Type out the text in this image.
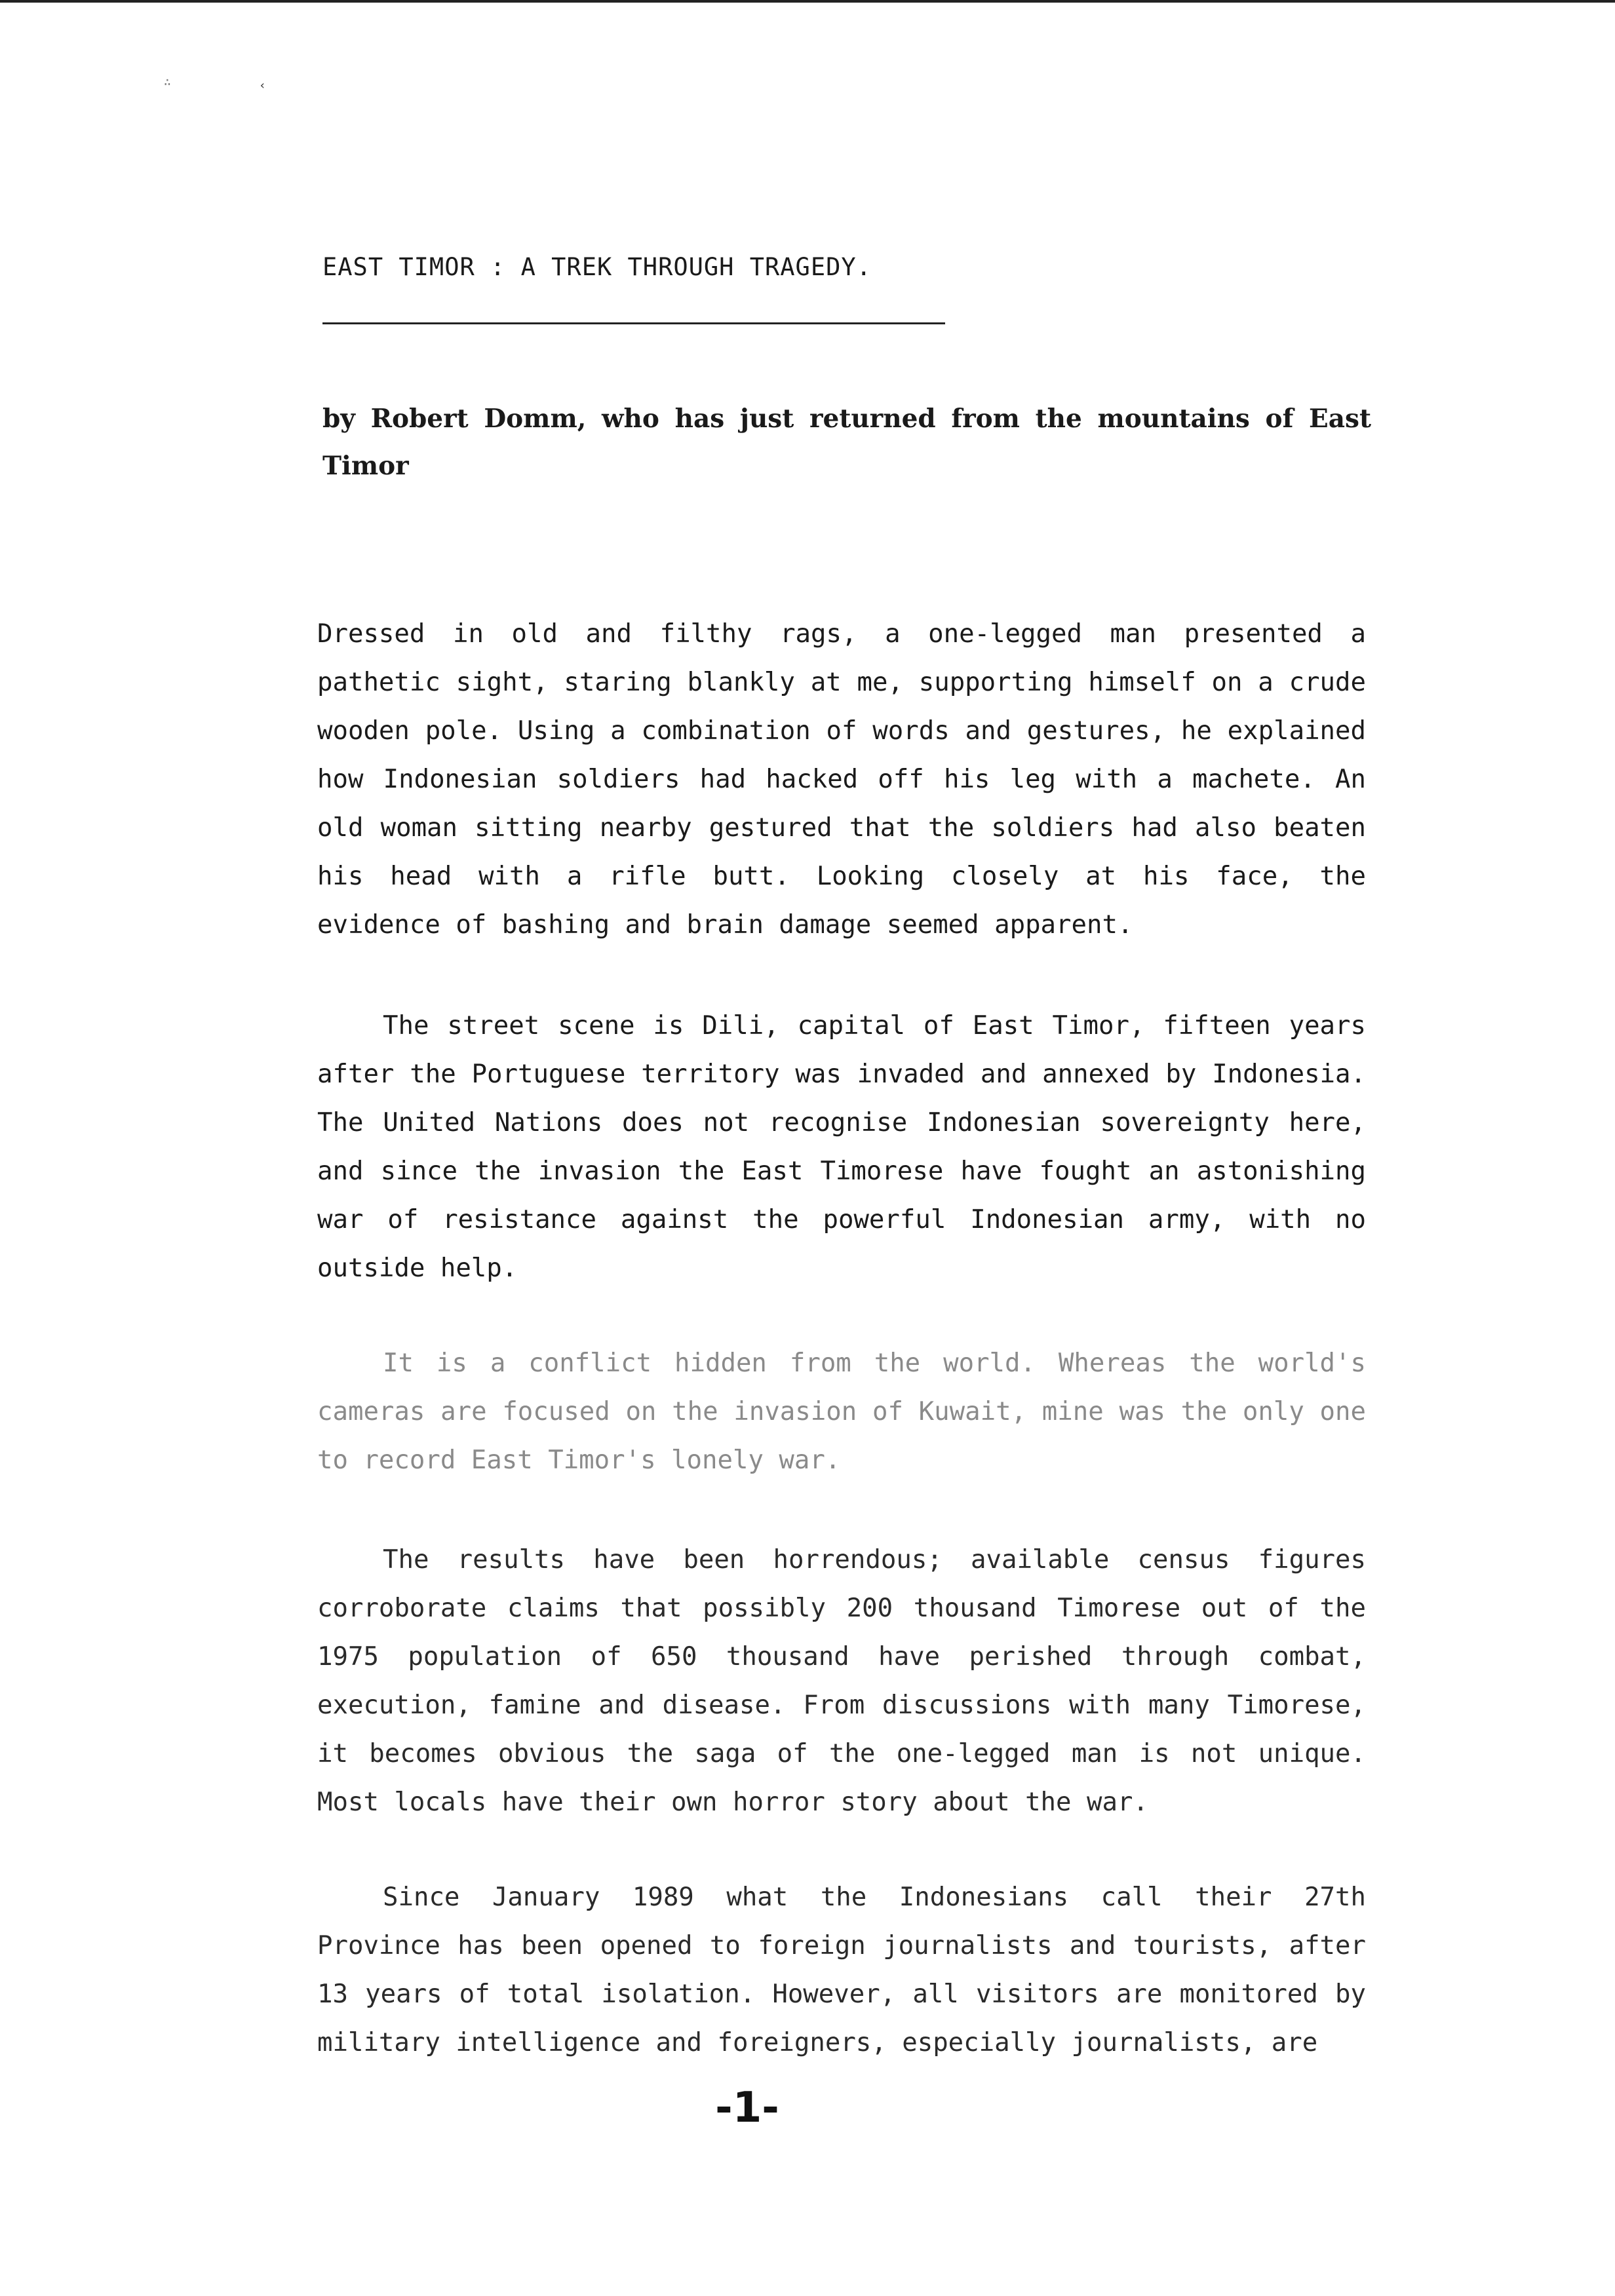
∴	‹
EAST TIMOR : A TREK THROUGH TRAGEDY.
by Robert Domm, who has just returned from the mountains of East Timor

Dressed in old and filthy rags, a one-legged man presented a pathetic sight, staring blankly at me, supporting himself on a crude wooden pole. Using a combination of words and gestures, he explained how Indonesian soldiers had hacked off his leg with a machete. An old woman sitting nearby gestured that the soldiers had also beaten his head with a rifle butt. Looking closely at his face, the evidence of bashing and brain damage seemed apparent.

The street scene is Dili, capital of East Timor, fifteen years after the Portuguese territory was invaded and annexed by Indonesia. The United Nations does not recognise Indonesian sovereignty here, and since the invasion the East Timorese have fought an astonishing war of resistance against the powerful Indonesian army, with no outside help.

It is a conflict hidden from the world. Whereas the world's cameras are focused on the invasion of Kuwait, mine was the only one to record East Timor's lonely war.

The results have been horrendous; available census figures corroborate claims that possibly 200 thousand Timorese out of the 1975 population of 650 thousand have perished through combat, execution, famine and disease. From discussions with many Timorese, it becomes obvious the saga of the one-legged man is not unique. Most locals have their own horror story about the war.

Since January 1989 what the Indonesians call their 27th Province has been opened to foreign journalists and tourists, after 13 years of total isolation. However, all visitors are monitored by military intelligence and foreigners, especially journalists, are

-1-
